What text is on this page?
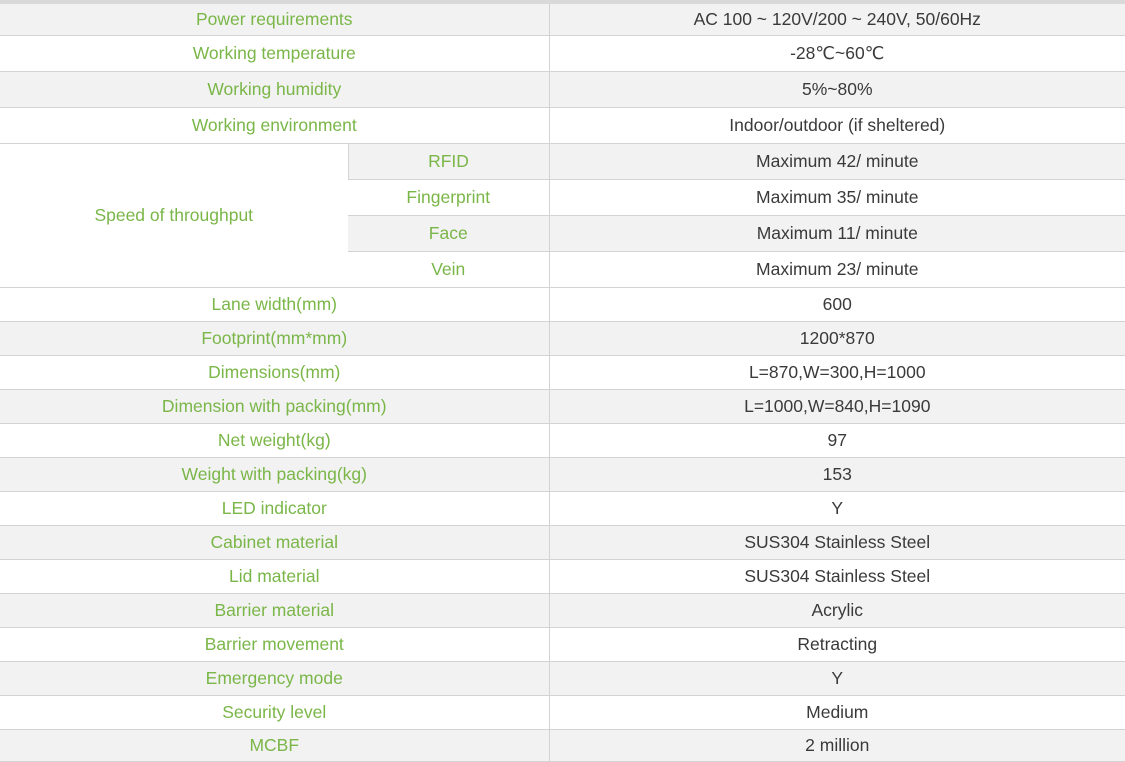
Power requirements		AC 100 ~ 120V/200 ~ 240V, 50/60Hz
Working temperature		-28℃~60℃
Working humidity		5%~80%
Working environment		Indoor/outdoor (if sheltered)
Speed of throughput	RFID	Maximum 42/ minute
	Fingerprint	Maximum 35/ minute
	Face	Maximum 11/ minute
	Vein	Maximum 23/ minute
Lane width(mm)		600
Footprint(mm*mm)		1200*870
Dimensions(mm)		L=870,W=300,H=1000
Dimension with packing(mm)		L=1000,W=840,H=1090
Net weight(kg)		97
Weight with packing(kg)		153
LED indicator		Y
Cabinet material		SUS304 Stainless Steel
Lid material		SUS304 Stainless Steel
Barrier material		Acrylic
Barrier movement		Retracting
Emergency mode		Y
Security level		Medium
MCBF		2 million
